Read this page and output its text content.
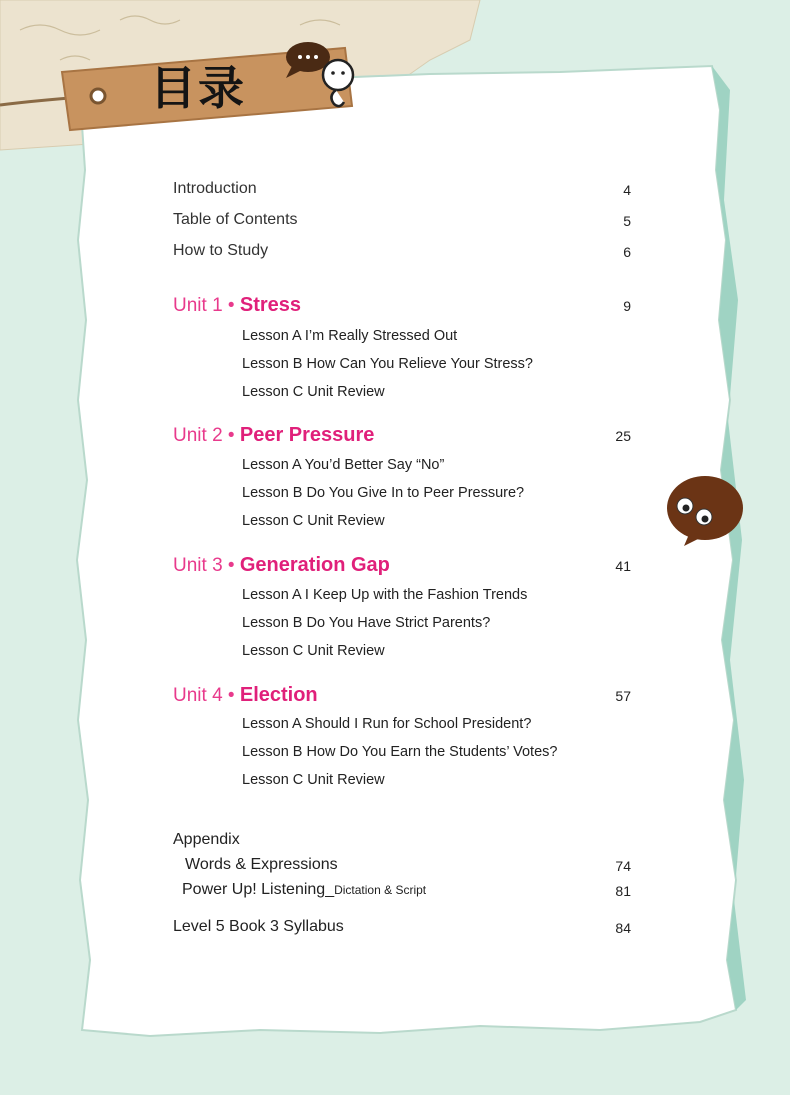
目录
Introduction	4
Table of Contents	5
How to Study	6
Unit 1 • Stress	9
Lesson A I’m Really Stressed Out
Lesson B How Can You Relieve Your Stress?
Lesson C Unit Review
Unit 2 • Peer Pressure	25
Lesson A You’d Better Say “No”
Lesson B Do You Give In to Peer Pressure?
Lesson C Unit Review
Unit 3 • Generation Gap	41
Lesson A I Keep Up with the Fashion Trends
Lesson B Do You Have Strict Parents?
Lesson C Unit Review
Unit 4 • Election	57
Lesson A Should I Run for School President?
Lesson B How Do You Earn the Students’ Votes?
Lesson C Unit Review
Appendix
Words & Expressions	74
Power Up! Listening_Dictation & Script	81
Level 5 Book 3 Syllabus	84
